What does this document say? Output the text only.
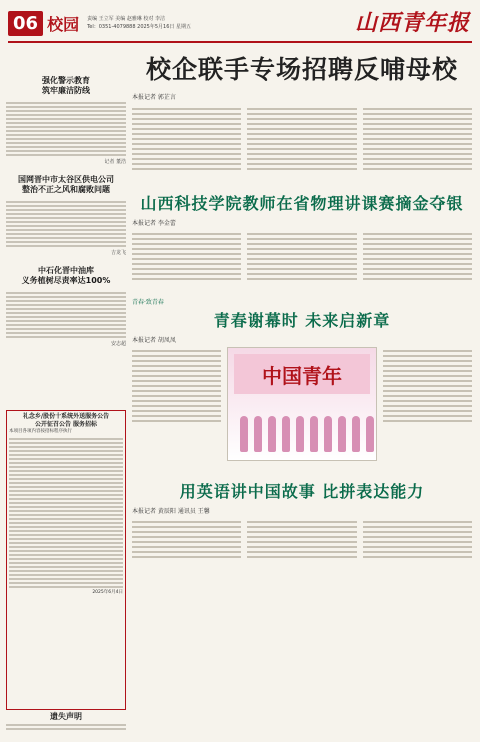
06 校园 责编 王立军 美编 赵雅琳 校对 李洁
Tel：0351-4079888 2025年5月16日 星期五	山西青年报
强化警示教育
筑牢廉洁防线
记者 董浩
国网晋中市太谷区供电公司
整治不正之风和腐败问题
吉龙飞
中石化晋中油库
义务植树尽责率达100%
安志超
礼念乡/股份十系统外送服务公告
公开征召公告 服务招标
本项目各项内容按招标程序执行
2025年6月4日
遗失声明
校企联手专场招聘反哺母校
本报记者 郭芷言
山西科技学院教师在省物理讲课赛摘金夺银
本报记者 李金蕾
青春·致青春
青春谢幕时 未来启新章
本报记者 胡凤凤
中国青年
用英语讲中国故事 比拼表达能力
本报记者 黄辰阳 通讯员 王馨
